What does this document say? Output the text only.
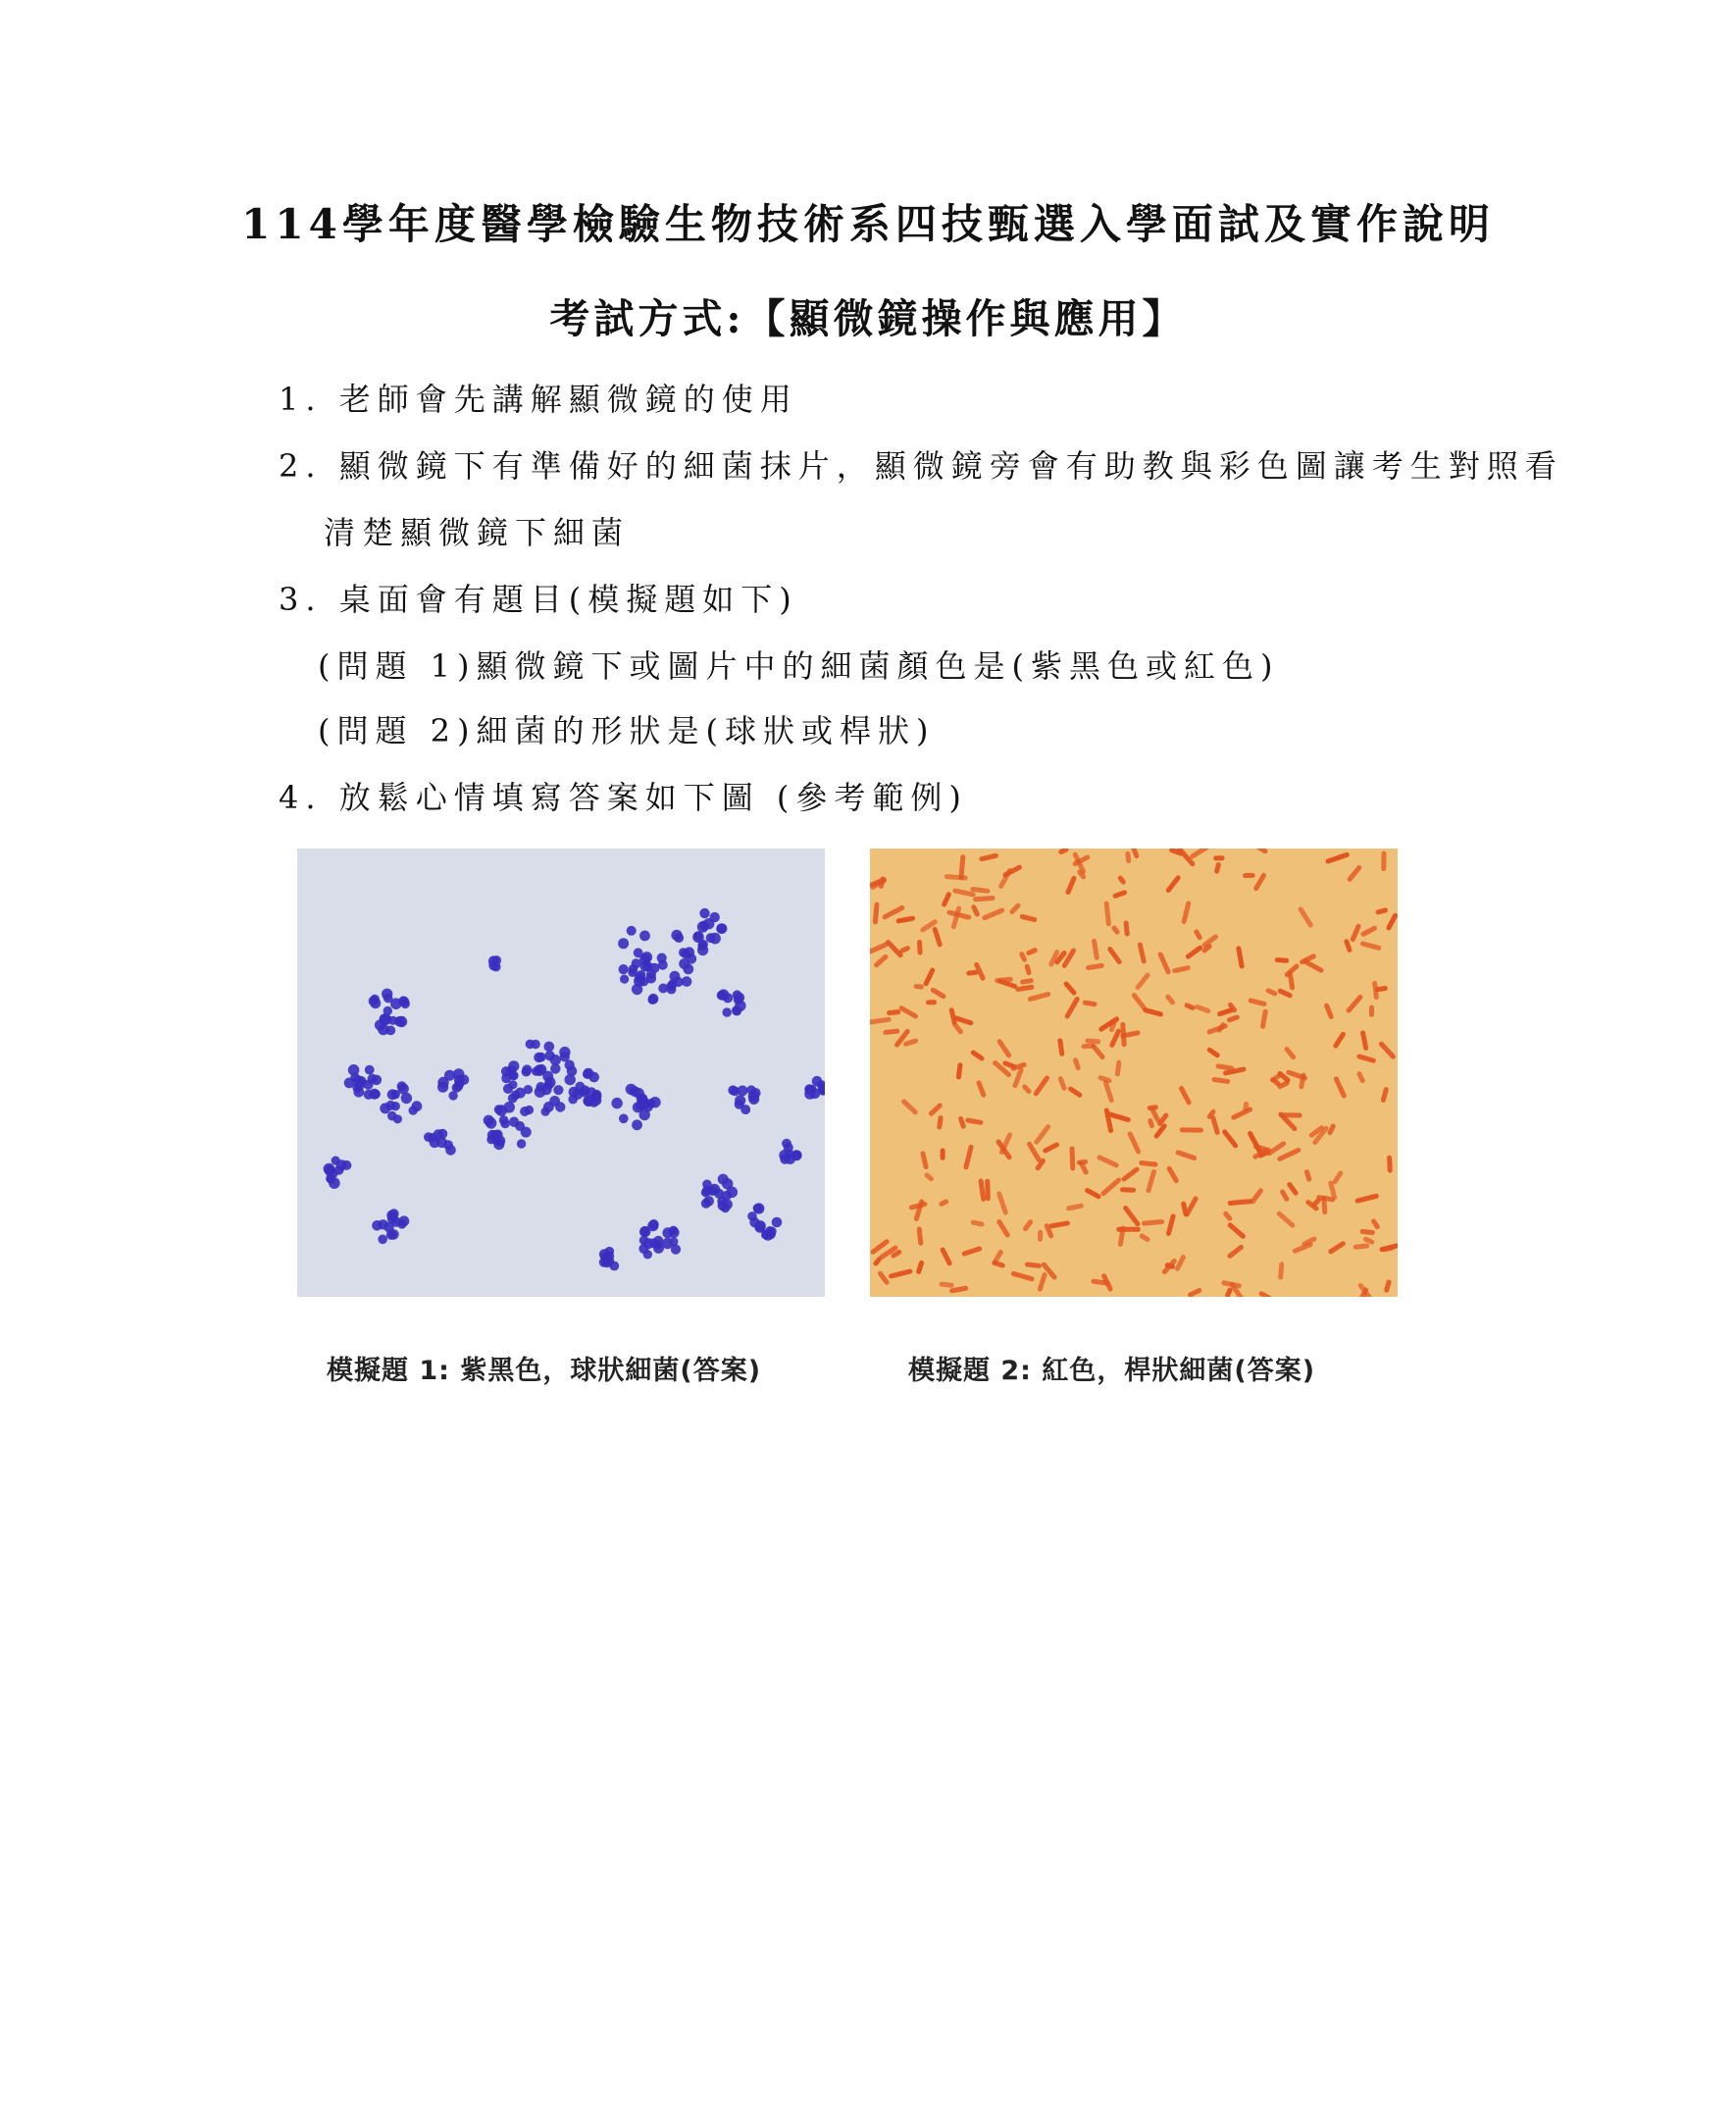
114學年度醫學檢驗生物技術系四技甄選入學面試及實作說明
考試方式:【顯微鏡操作與應用】
1. 老師會先講解顯微鏡的使用
2. 顯微鏡下有準備好的細菌抹片，顯微鏡旁會有助教與彩色圖讓考生對照看
清楚顯微鏡下細菌
3. 桌面會有題目(模擬題如下)
(問題 1)顯微鏡下或圖片中的細菌顏色是(紫黑色或紅色)
(問題 2)細菌的形狀是(球狀或桿狀)
4. 放鬆心情填寫答案如下圖 (參考範例)
模擬題 1: 紫黑色，球狀細菌(答案)	模擬題 2: 紅色，桿狀細菌(答案)
